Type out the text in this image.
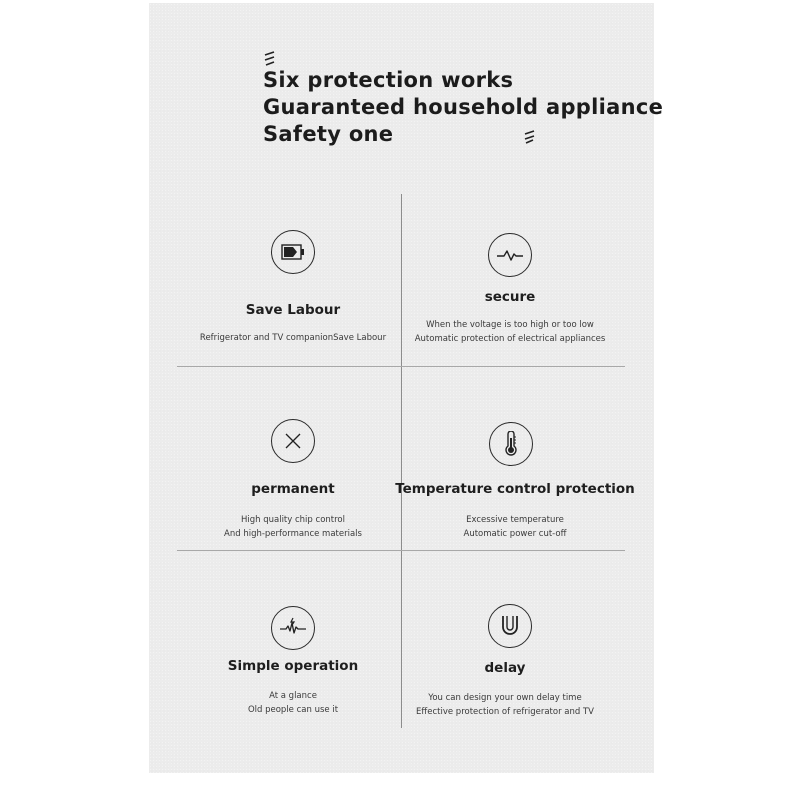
Six protection works
Guaranteed household appliance
Safety one
Save Labour
Refrigerator and TV companionSave Labour
secure
When the voltage is too high or too low
Automatic protection of electrical appliances
permanent
High quality chip control
And high-performance materials
Temperature control protection
Excessive temperature
Automatic power cut-off
Simple operation
At a glance
Old people can use it
delay
You can design your own delay time
Effective protection of refrigerator and TV
